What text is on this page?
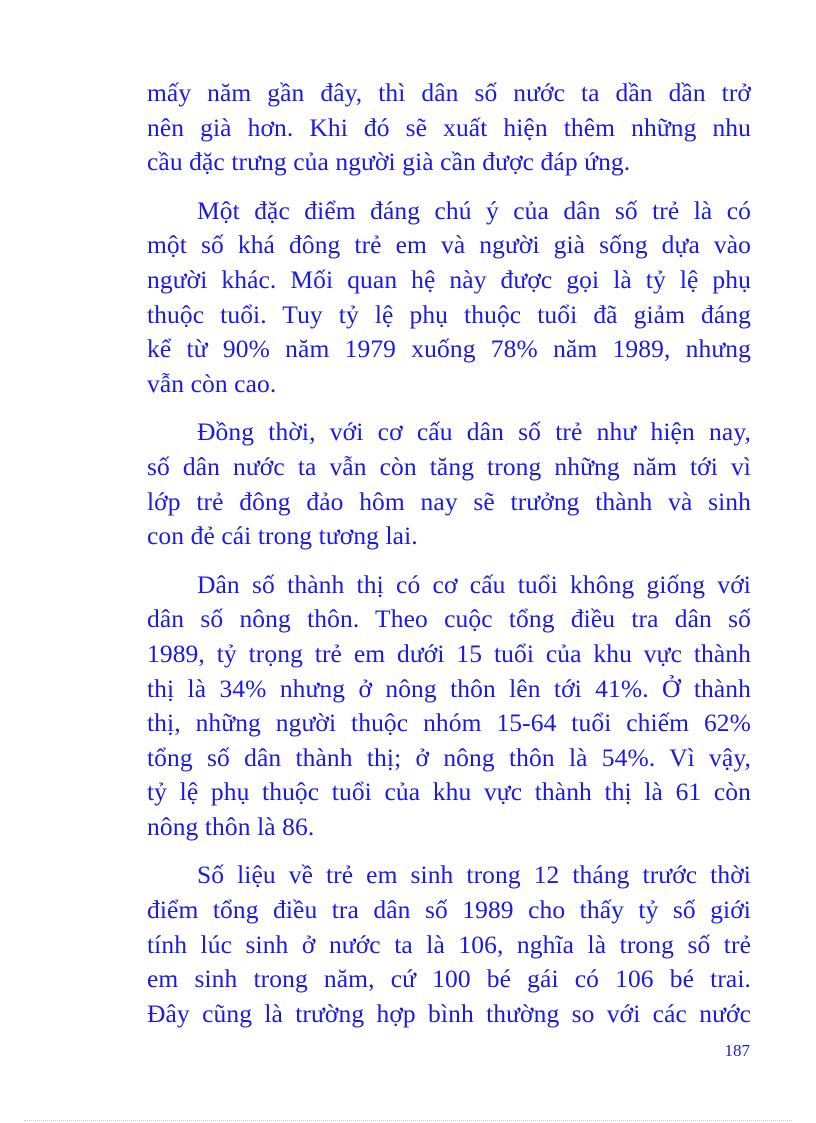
mấy năm gần đây, thì dân số nước ta dần dần trở
nên già hơn. Khi đó sẽ xuất hiện thêm những nhu
cầu đặc trưng của người già cần được đáp ứng.
Một đặc điểm đáng chú ý của dân số trẻ là có
một số khá đông trẻ em và người già sống dựa vào
người khác. Mối quan hệ này được gọi là tỷ lệ phụ
thuộc tuổi. Tuy tỷ lệ phụ thuộc tuổi đã giảm đáng
kể từ 90% năm 1979 xuống 78% năm 1989, nhưng
vẫn còn cao.
Đồng thời, với cơ cấu dân số trẻ như hiện nay,
số dân nước ta vẫn còn tăng trong những năm tới vì
lớp trẻ đông đảo hôm nay sẽ trưởng thành và sinh
con đẻ cái trong tương lai.
Dân số thành thị có cơ cấu tuổi không giống với
dân số nông thôn. Theo cuộc tổng điều tra dân số
1989, tỷ trọng trẻ em dưới 15 tuổi của khu vực thành
thị là 34% nhưng ở nông thôn lên tới 41%. Ở thành
thị, những người thuộc nhóm 15-64 tuổi chiếm 62%
tổng số dân thành thị; ở nông thôn là 54%. Vì vậy,
tỷ lệ phụ thuộc tuổi của khu vực thành thị là 61 còn
nông thôn là 86.
Số liệu về trẻ em sinh trong 12 tháng trước thời
điểm tổng điều tra dân số 1989 cho thấy tỷ số giới
tính lúc sinh ở nước ta là 106, nghĩa là trong số trẻ
em sinh trong năm, cứ 100 bé gái có 106 bé trai.
Đây cũng là trường hợp bình thường so với các nước
187
